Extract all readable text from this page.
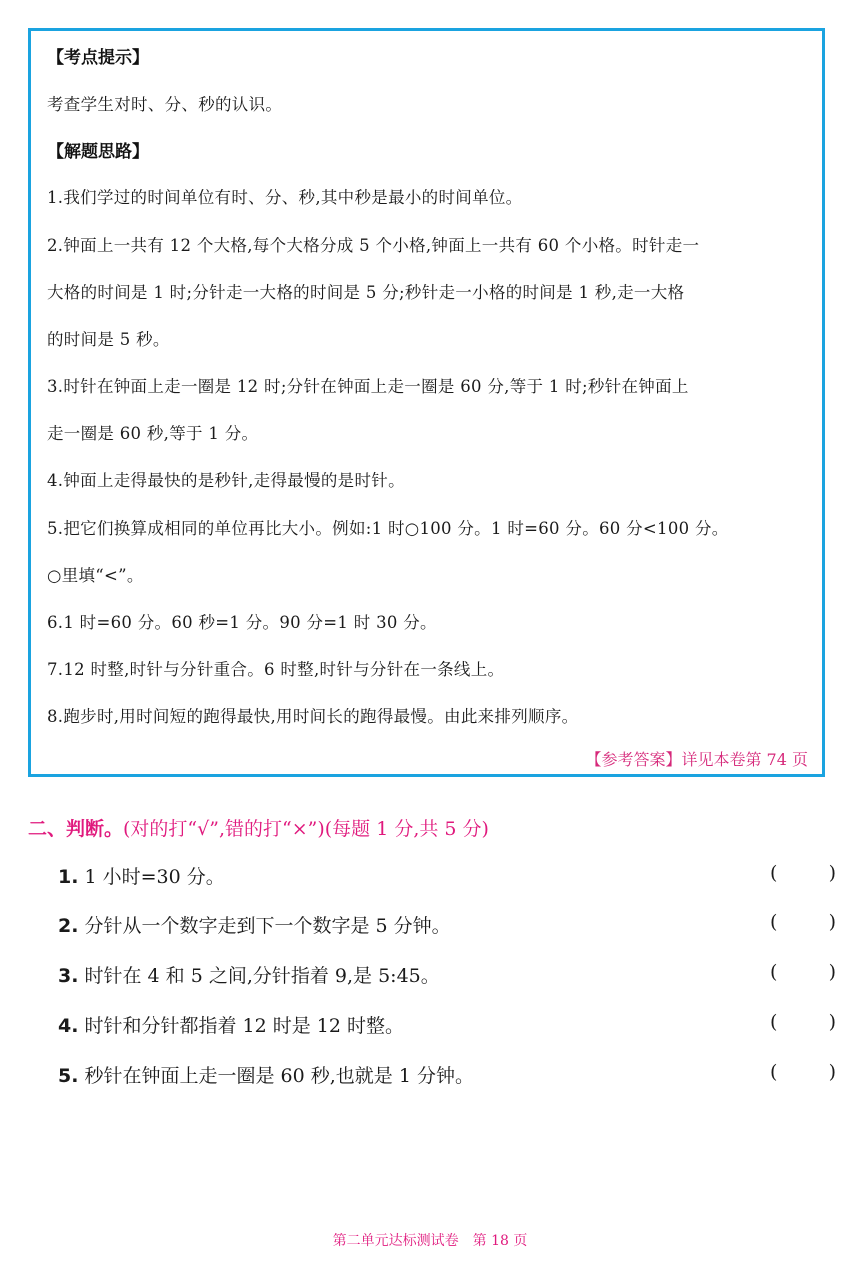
【考点提示】
考查学生对时、分、秒的认识。
【解题思路】
1.我们学过的时间单位有时、分、秒,其中秒是最小的时间单位。
2.钟面上一共有 12 个大格,每个大格分成 5 个小格,钟面上一共有 60 个小格。时针走一
大格的时间是 1 时;分针走一大格的时间是 5 分;秒针走一小格的时间是 1 秒,走一大格
的时间是 5 秒。
3.时针在钟面上走一圈是 12 时;分针在钟面上走一圈是 60 分,等于 1 时;秒针在钟面上
走一圈是 60 秒,等于 1 分。
4.钟面上走得最快的是秒针,走得最慢的是时针。
5.把它们换算成相同的单位再比大小。例如:1 时○100 分。1 时=60 分。60 分<100 分。
○里填“<”。
6.1 时=60 分。60 秒=1 分。90 分=1 时 30 分。
7.12 时整,时针与分针重合。6 时整,时针与分针在一条线上。
8.跑步时,用时间短的跑得最快,用时间长的跑得最慢。由此来排列顺序。
【参考答案】详见本卷第 74 页
二、判断。(对的打“√”,错的打“×”)(每题 1 分,共 5 分)
1. 1 小时=30 分。	(	)
2. 分针从一个数字走到下一个数字是 5 分钟。	(	)
3. 时针在 4 和 5 之间,分针指着 9,是 5:45。	(	)
4. 时针和分针都指着 12 时是 12 时整。	(	)
5. 秒针在钟面上走一圈是 60 秒,也就是 1 分钟。	(	)
第二单元达标测试卷　第 18 页
